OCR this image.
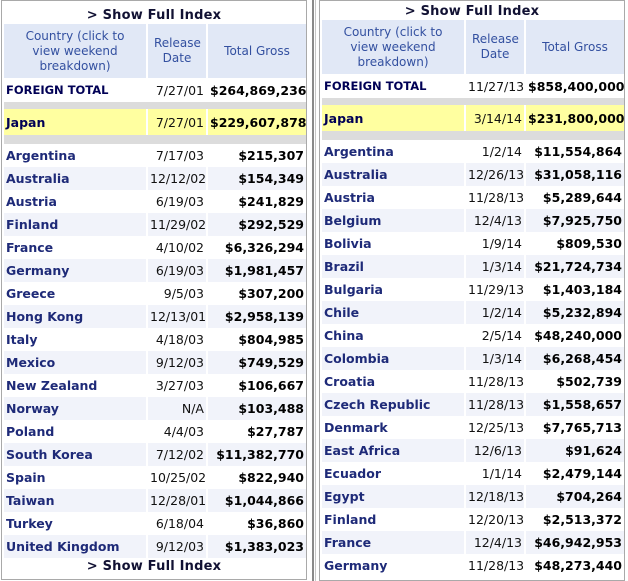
> Show Full Index
Country (click to view weekend breakdown)	Release Date	Total Gross
FOREIGN TOTAL	7/27/01	$264,869,236

Japan	7/27/01	$229,607,878

Argentina	7/17/03	$215,307
Australia	12/12/02	$154,349
Austria	6/19/03	$241,829
Finland	11/29/02	$292,529
France	4/10/02	$6,326,294
Germany	6/19/03	$1,981,457
Greece	9/5/03	$307,200
Hong Kong	12/13/01	$2,958,139
Italy	4/18/03	$804,985
Mexico	9/12/03	$749,529
New Zealand	3/27/03	$106,667
Norway	N/A	$103,488
Poland	4/4/03	$27,787
South Korea	7/12/02	$11,382,770
Spain	10/25/02	$822,940
Taiwan	12/28/01	$1,044,866
Turkey	6/18/04	$36,860
United Kingdom	9/12/03	$1,383,023
> Show Full Index
> Show Full Index
Country (click to view weekend breakdown)	Release Date	Total Gross
FOREIGN TOTAL	11/27/13	$858,400,000

Japan	3/14/14	$231,800,000

Argentina	1/2/14	$11,554,864
Australia	12/26/13	$31,058,116
Austria	11/28/13	$5,289,644
Belgium	12/4/13	$7,925,750
Bolivia	1/9/14	$809,530
Brazil	1/3/14	$21,724,734
Bulgaria	11/29/13	$1,403,184
Chile	1/2/14	$5,232,894
China	2/5/14	$48,240,000
Colombia	1/3/14	$6,268,454
Croatia	11/28/13	$502,739
Czech Republic	11/28/13	$1,558,657
Denmark	12/25/13	$7,765,713
East Africa	12/6/13	$91,624
Ecuador	1/1/14	$2,479,144
Egypt	12/18/13	$704,264
Finland	12/20/13	$2,513,372
France	12/4/13	$46,942,953
Germany	11/28/13	$48,273,440
